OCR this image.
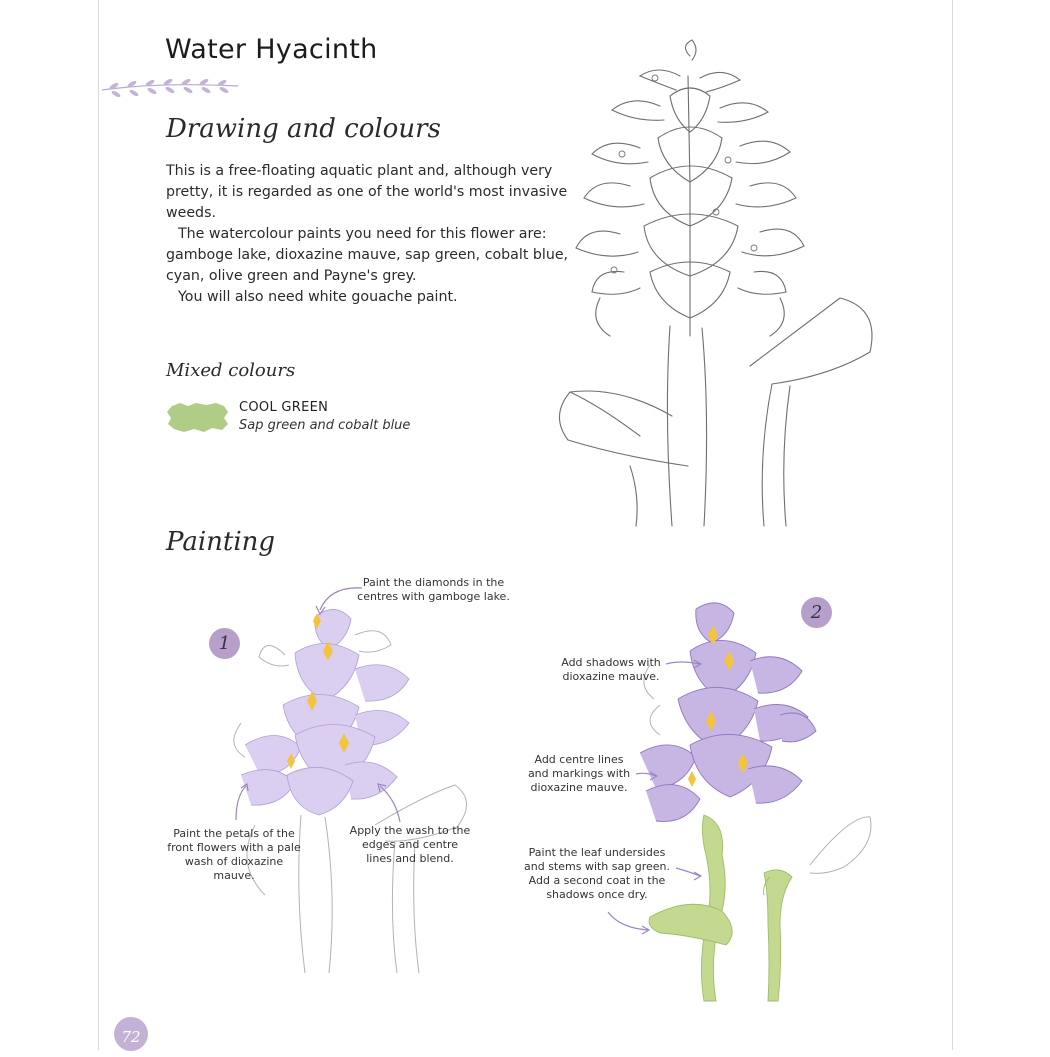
Water Hyacinth
Drawing and colours

This is a free-floating aquatic plant and, although very pretty, it is regarded as one of the world's most invasive weeds.

The watercolour paints you need for this flower are: gamboge lake, dioxazine mauve, sap green, cobalt blue, cyan, olive green and Payne's grey.

You will also need white gouache paint.

Mixed colours
COOL GREEN
Sap green and cobalt blue
Painting
1
Paint the diamonds in the centres with gamboge lake.
Paint the petals of the front flowers with a pale wash of dioxazine mauve.
Apply the wash to the edges and centre lines and blend.
2
Add shadows with dioxazine mauve.
Add centre lines and markings with dioxazine mauve.
Paint the leaf undersides and stems with sap green. Add a second coat in the shadows once dry.
72
